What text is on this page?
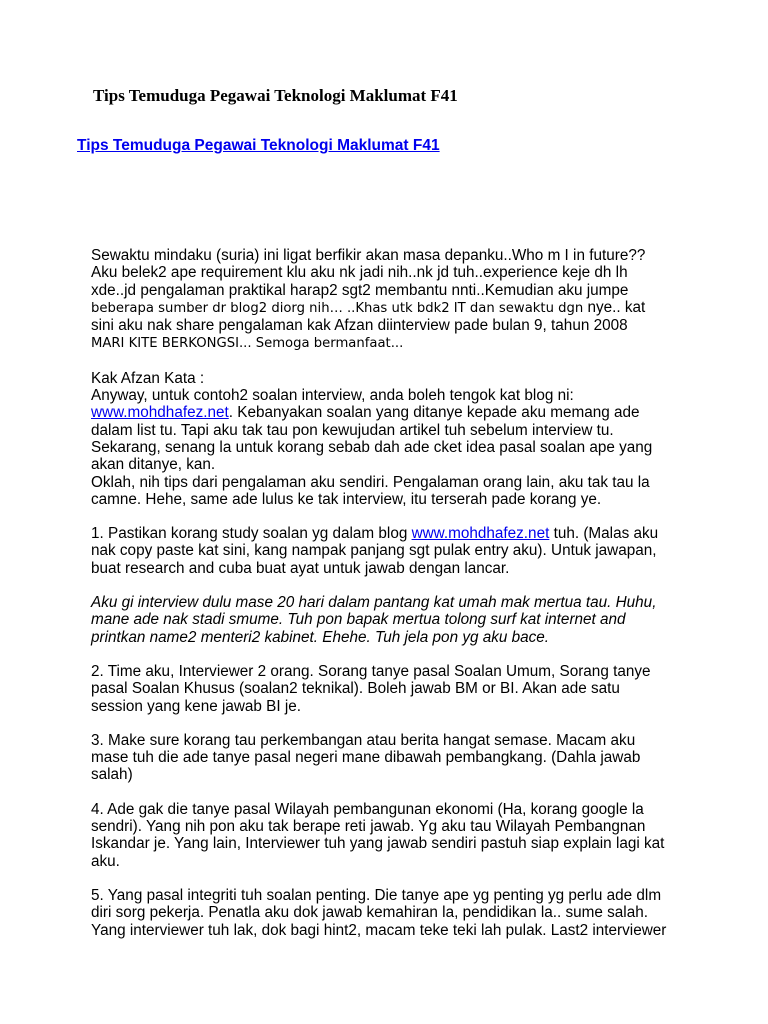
Tips Temuduga Pegawai Teknologi Maklumat F41
Tips Temuduga Pegawai Teknologi Maklumat F41

Sewaktu mindaku (suria) ini ligat berfikir akan masa depanku..Who m I in future??

Aku belek2 ape requirement klu aku nk jadi nih..nk jd tuh..experience keje dh lh

xde..jd pengalaman praktikal harap2 sgt2 membantu nnti..Kemudian aku jumpe

beberapa sumber dr blog2 diorg nih… ..Khas utk bdk2 IT dan sewaktu dgn nye.. kat

sini aku nak share pengalaman kak Afzan diinterview pade bulan 9, tahun 2008

MARI KITE BERKONGSI... Semoga bermanfaat...

Kak Afzan Kata :

Anyway, untuk contoh2 soalan interview, anda boleh tengok kat blog ni:

www.mohdhafez.net. Kebanyakan soalan yang ditanye kepade aku memang ade

dalam list tu. Tapi aku tak tau pon kewujudan artikel tuh sebelum interview tu.

Sekarang, senang la untuk korang sebab dah ade cket idea pasal soalan ape yang

akan ditanye, kan.

Oklah, nih tips dari pengalaman aku sendiri. Pengalaman orang lain, aku tak tau la

camne. Hehe, same ade lulus ke tak interview, itu terserah pade korang ye.

1. Pastikan korang study soalan yg dalam blog www.mohdhafez.net tuh. (Malas aku

nak copy paste kat sini, kang nampak panjang sgt pulak entry aku). Untuk jawapan,

buat research and cuba buat ayat untuk jawab dengan lancar.

Aku gi interview dulu mase 20 hari dalam pantang kat umah mak mertua tau. Huhu,

mane ade nak stadi smume. Tuh pon bapak mertua tolong surf kat internet and

printkan name2 menteri2 kabinet. Ehehe. Tuh jela pon yg aku bace.

2. Time aku, Interviewer 2 orang. Sorang tanye pasal Soalan Umum, Sorang tanye

pasal Soalan Khusus (soalan2 teknikal). Boleh jawab BM or BI. Akan ade satu

session yang kene jawab BI je.

3. Make sure korang tau perkembangan atau berita hangat semase. Macam aku

mase tuh die ade tanye pasal negeri mane dibawah pembangkang. (Dahla jawab

salah)

4. Ade gak die tanye pasal Wilayah pembangunan ekonomi (Ha, korang google la

sendri). Yang nih pon aku tak berape reti jawab. Yg aku tau Wilayah Pembangnan

Iskandar je. Yang lain, Interviewer tuh yang jawab sendiri pastuh siap explain lagi kat

aku.

5. Yang pasal integriti tuh soalan penting. Die tanye ape yg penting yg perlu ade dlm

diri sorg pekerja. Penatla aku dok jawab kemahiran la, pendidikan la.. sume salah.

Yang interviewer tuh lak, dok bagi hint2, macam teke teki lah pulak. Last2 interviewer
